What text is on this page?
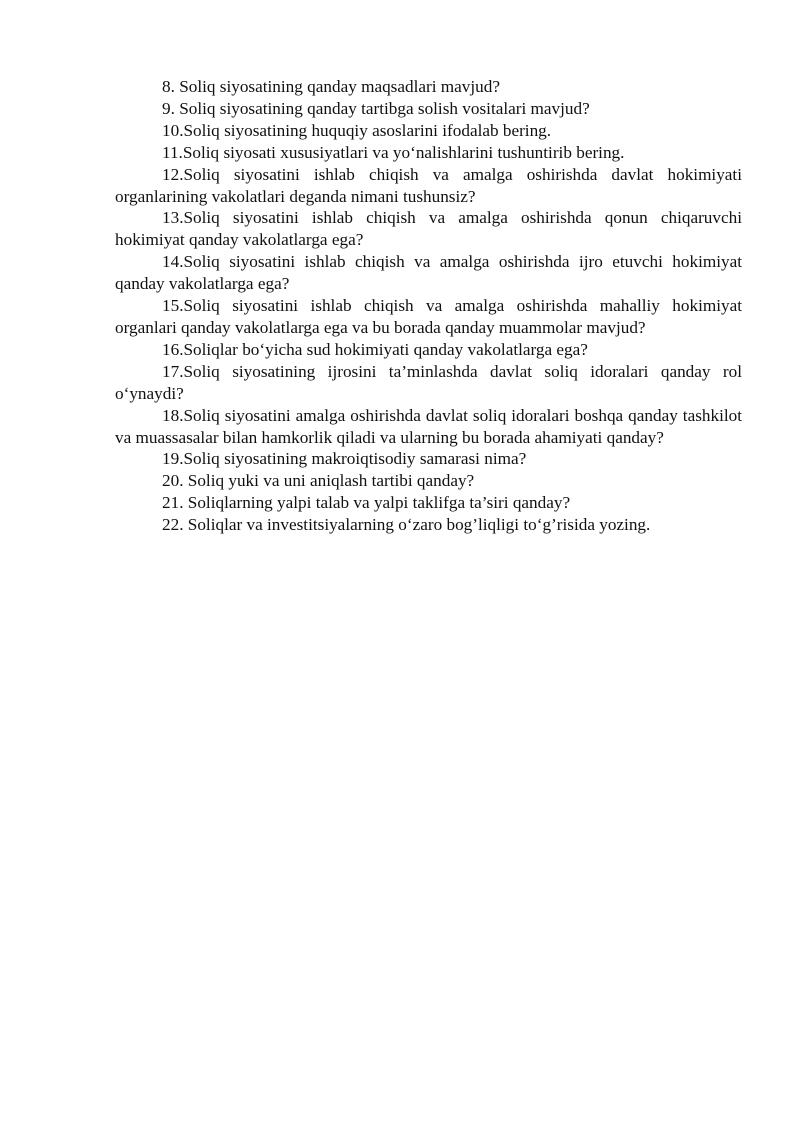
8. Soliq siyosatining qanday maqsadlari mavjud?

9. Soliq siyosatining qanday tartibga solish vositalari mavjud?

10.Soliq siyosatining huquqiy asoslarini ifodalab bering.

11.Soliq siyosati xususiyatlari va yo‘nalishlarini tushuntirib bering.

12.Soliq siyosatini ishlab chiqish va amalga oshirishda davlat hokimiyati organlarining vakolatlari deganda nimani tushunsiz?

13.Soliq siyosatini ishlab chiqish va amalga oshirishda qonun chiqaruvchi hokimiyat qanday vakolatlarga ega?

14.Soliq siyosatini ishlab chiqish va amalga oshirishda ijro etuvchi hokimiyat qanday vakolatlarga ega?

15.Soliq siyosatini ishlab chiqish va amalga oshirishda mahalliy hokimiyat organlari qanday vakolatlarga ega va bu borada qanday muammolar mavjud?

16.Soliqlar bo‘yicha sud hokimiyati qanday vakolatlarga ega?

17.Soliq siyosatining ijrosini ta’minlashda davlat soliq idoralari qanday rol o‘ynaydi?

18.Soliq siyosatini amalga oshirishda davlat soliq idoralari boshqa qanday tashkilot va muassasalar bilan hamkorlik qiladi va ularning bu borada ahamiyati qanday?

19.Soliq siyosatining makroiqtisodiy samarasi nima?

20. Soliq yuki va uni aniqlash tartibi qanday?

21. Soliqlarning yalpi talab va yalpi taklifga ta’siri qanday?

22. Soliqlar va investitsiyalarning o‘zaro bog’liqligi to‘g’risida yozing.
